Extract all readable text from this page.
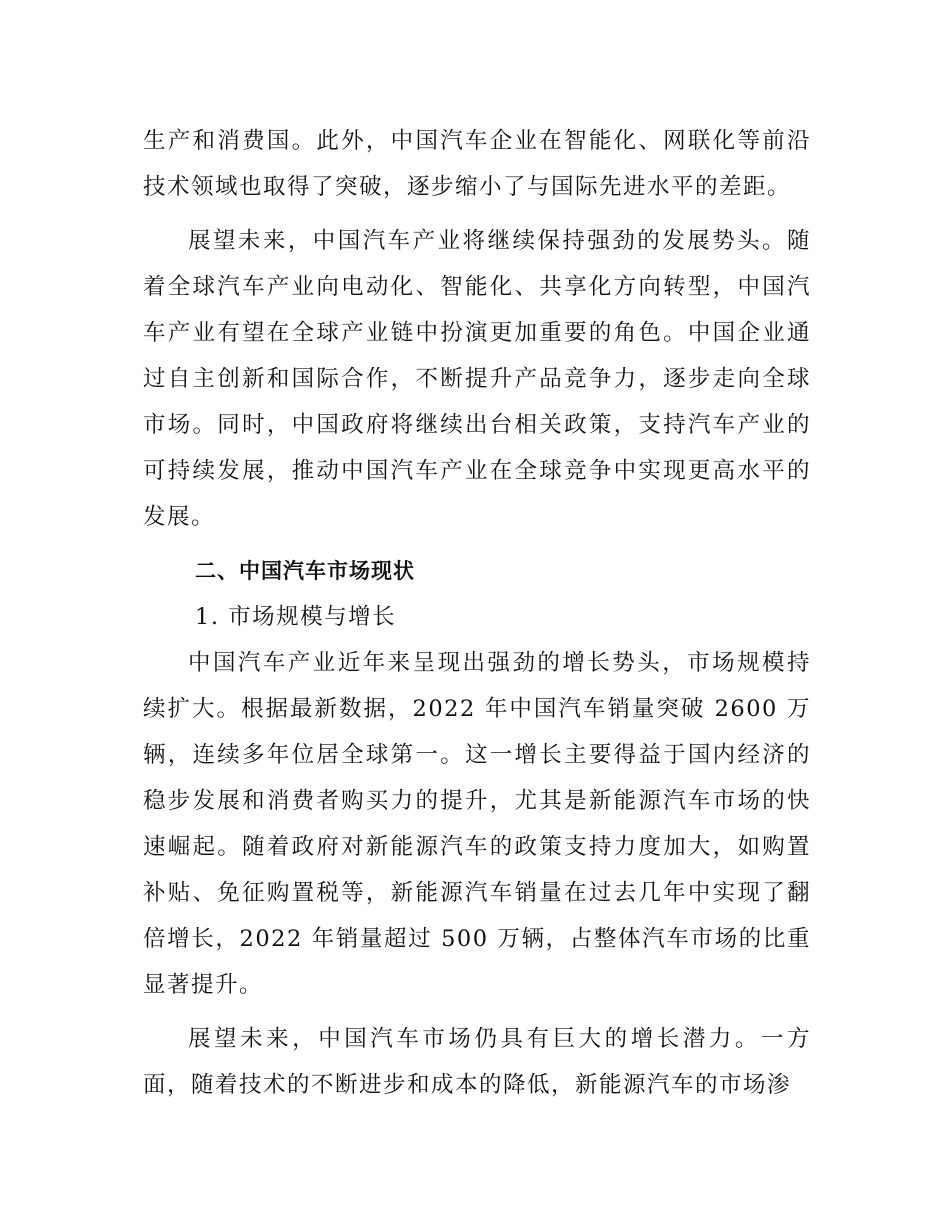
生产和消费国。此外，中国汽车企业在智能化、网联化等前沿技术领域也取得了突破，逐步缩小了与国际先进水平的差距。

展望未来，中国汽车产业将继续保持强劲的发展势头。随着全球汽车产业向电动化、智能化、共享化方向转型，中国汽车产业有望在全球产业链中扮演更加重要的角色。中国企业通过自主创新和国际合作，不断提升产品竞争力，逐步走向全球市场。同时，中国政府将继续出台相关政策，支持汽车产业的可持续发展，推动中国汽车产业在全球竞争中实现更高水平的发展。

二、中国汽车市场现状

1. 市场规模与增长

中国汽车产业近年来呈现出强劲的增长势头，市场规模持续扩大。根据最新数据，2022 年中国汽车销量突破 2600 万辆，连续多年位居全球第一。这一增长主要得益于国内经济的稳步发展和消费者购买力的提升，尤其是新能源汽车市场的快速崛起。随着政府对新能源汽车的政策支持力度加大，如购置补贴、免征购置税等，新能源汽车销量在过去几年中实现了翻倍增长，2022 年销量超过 500 万辆，占整体汽车市场的比重显著提升。

展望未来，中国汽车市场仍具有巨大的增长潜力。一方面，随着技术的不断进步和成本的降低，新能源汽车的市场渗
